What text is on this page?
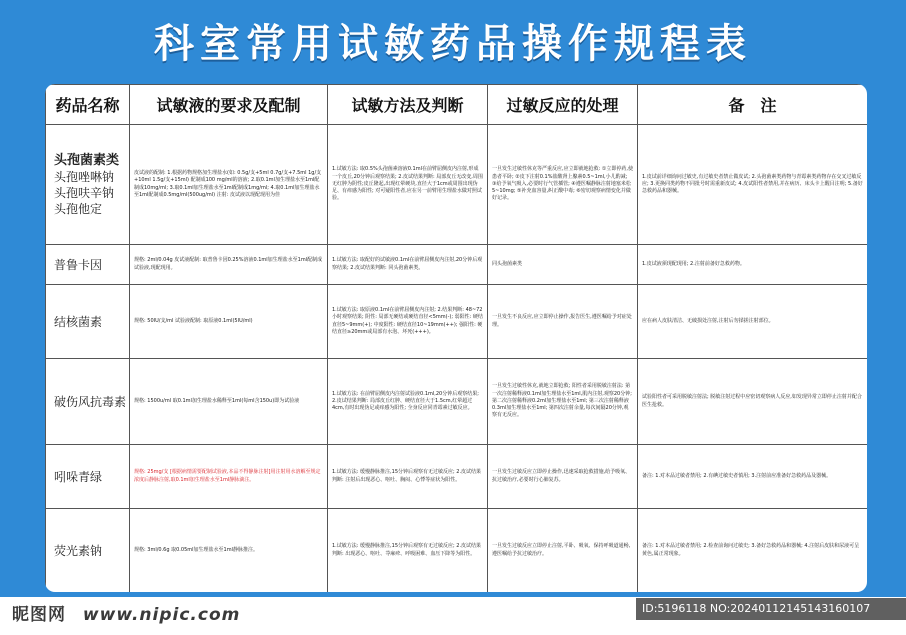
科室常用试敏药品操作规程表
药品名称	试敏液的要求及配制	试敏方法及判断	过敏反应的处理	备　注

头孢菌素类
头孢唑啉钠
头孢呋辛钠
头孢他定	皮试液的配制: 1.根据药物规格加生理盐水(如: 0.5g/支+5ml 0.7g/支+7.5ml 1g/支+10ml 1.5g/支+15ml) 配制成100 mg/ml的溶液; 2.取0.1ml加生理盐水至1ml配制成10mg/ml; 3.取0.1ml加生理盐水至1ml配制成1mg/ml; 4.取0.1ml加生理盐水至1ml配制成0.5mg/ml(500ug/ml) 注射: 皮试液以现配现用为佳	1.试敏方法: 取0.5%头孢菌素溶液0.1ml在前臂屈侧皮内注射,形成一个皮丘,20分钟后观察结果; 2.皮试结果判断: 局部皮丘无改变,周围无红肿为阴性;皮丘隆起,出现红晕硬块,直径大于1cm或周围出现伪足、有痒感为阳性; 对可疑阳性者,应在另一前臂用生理盐水做对照试验。	一旦发生过敏性休克等严重反应,应立即就地抢救: ①立即停药,使患者平卧; ②皮下注射0.1%盐酸肾上腺素0.5~1ml,小儿酌减; ③给予氧气吸入,必要时行气管插管; ④遵医嘱静脉注射地塞米松5~10mg; ⑤补充血容量,纠正酸中毒; ⑥密切观察病情变化并做好记录。	1.皮试前详细询问过敏史,有过敏史者禁止做皮试; 2.头孢菌素类药物与青霉素类药物存在交叉过敏反应; 3.更换同类药物不同批号时需重新皮试; 4.皮试阳性者禁用,并在病历、床头卡上醒目注明; 5.备好急救药品和器械。

普鲁卡因	规格: 2ml/0.04g 皮试液配制: 取普鲁卡因0.25%溶液0.1ml加生理盐水至1ml配制成试验液,现配现用。	1.试敏方法: 取配好的试敏液0.1ml在前臂屈侧皮内注射,20分钟后观察结果; 2.皮试结果判断: 同头孢菌素类。	同头孢菌素类	1.皮试液须现配现用; 2.注射前备好急救药物。

结核菌素	规格: 50IU/支/ml 试验液配制: 取原液0.1ml(5IU/ml)	1.试敏方法: 取原液0.1ml在前臂屈侧皮内注射; 2.结果判断: 48~72小时观察结果; 阴性: 局部无硬结或硬结直径<5mm(-); 弱阳性: 硬结直径5~9mm(+); 中度阳性: 硬结直径10~19mm(++); 强阳性: 硬结直径≥20mm或局部有水泡、坏死(+++)。	一旦发生不良反应,应立即停止操作,报告医生,遵医嘱给予对症处理。	应在病人皮肤清洁、无破损处注射,注射后勿揉搓注射部位。

破伤风抗毒素	规格: 1500u/ml 取0.1ml加生理盐水稀释至1ml(每ml含150u)即为试验液	1.试敏方法: 在前臂屈侧皮内注射试验液0.1ml,20分钟后观察结果; 2.皮试结果判断: 局部皮丘红肿、硬结直径大于1.5cm,红晕超过4cm,有时出现伪足或痒感为阳性; 全身反应同青霉素过敏反应。	一旦发生过敏性休克,就地立即抢救; 阳性者采用脱敏注射法: 第一次注射稀释液0.1ml加生理盐水至1ml,肌内注射,观察20分钟; 第二次注射稀释液0.2ml加生理盐水至1ml; 第三次注射稀释液0.3ml加生理盐水至1ml; 第四次注射余量,每次间隔20分钟,观察有无反应。	试验阳性者可采用脱敏注射法; 脱敏注射过程中应密切观察病人反应,如发现异常立即停止注射并配合医生抢救。

吲哚青绿	规格: 25mg/支 [根据病情需要配制试验液,本品不得静脉注射]用注射用水溶解至规定浓度后静脉注射,取0.1ml加生理盐水至1ml静脉滴注。	1.试敏方法: 缓慢静脉推注,15分钟后观察有无过敏反应; 2.皮试结果判断: 注射后出现恶心、呕吐、胸闷、心悸等症状为阳性。	一旦发生过敏反应立即停止操作,迅速采取抢救措施,给予吸氧、抗过敏治疗,必要时行心肺复苏。	备注: 1.对本品过敏者禁用; 2.有碘过敏史者慎用; 3.注射前应准备好急救药品及器械。

荧光素钠	规格: 3ml/0.6g 取0.05ml加生理盐水至1ml静脉推注。	1.试敏方法: 缓慢静脉推注,15分钟后观察有无过敏反应; 2.皮试结果判断: 出现恶心、呕吐、荨麻疹、呼吸困难、血压下降等为阳性。	一旦发生过敏反应立即停止注射,平卧、吸氧、保持呼吸道通畅,遵医嘱给予抗过敏治疗。	备注: 1.对本品过敏者禁用; 2.检查前询问过敏史; 3.备好急救药品和器械; 4.注射后皮肤和尿液可呈黄色,属正常现象。
昵图网 www.nipic.com	ID:5196118 NO:20240112145143160107
